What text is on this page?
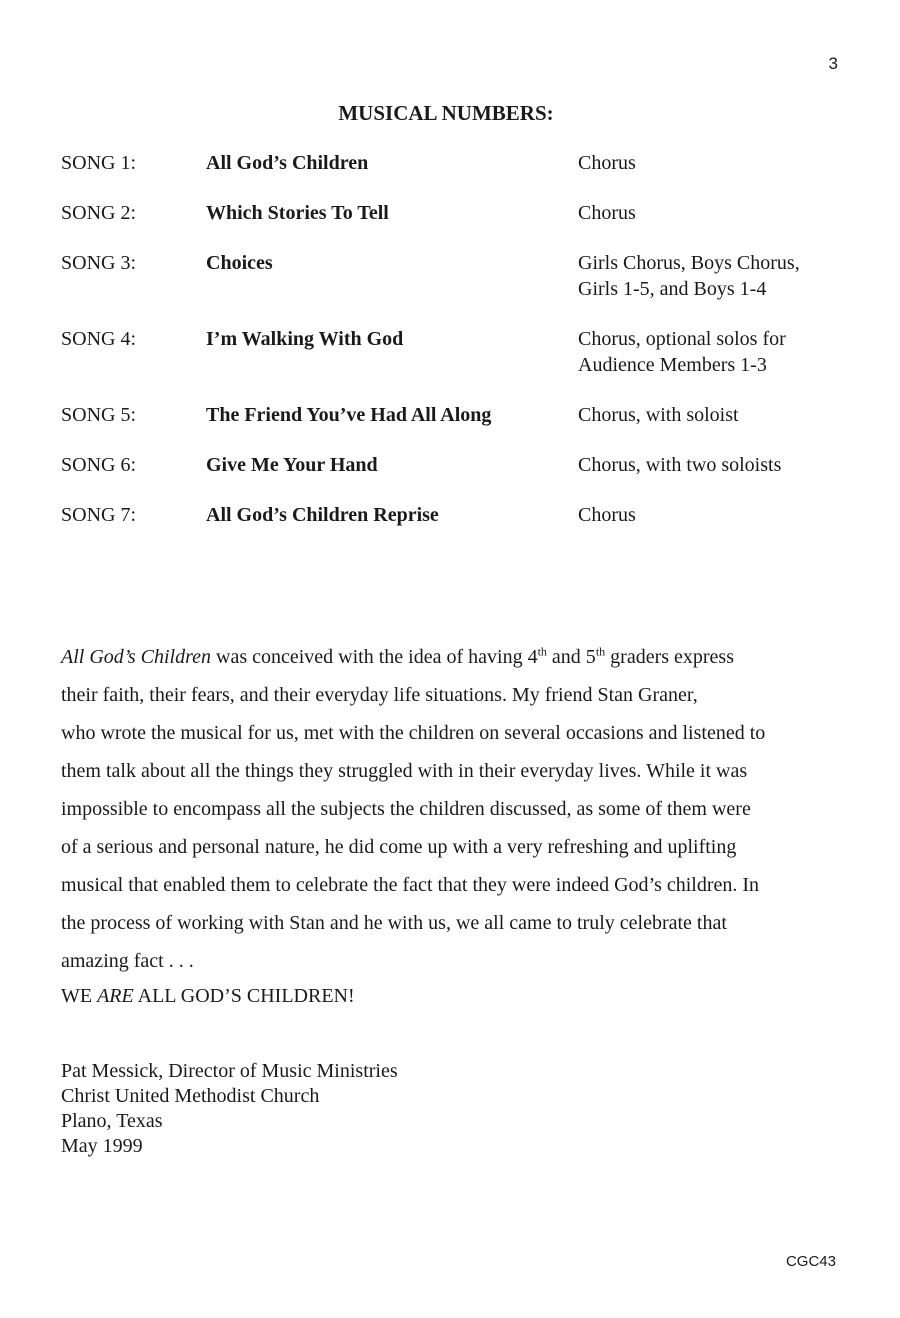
3
MUSICAL NUMBERS:
SONG 1:	All God’s Children	Chorus
SONG 2:	Which Stories To Tell	Chorus
SONG 3:	Choices	Girls Chorus, Boys Chorus,
Girls 1-5, and Boys 1-4
SONG 4:	I’m Walking With God	Chorus, optional solos for
Audience Members 1-3
SONG 5:	The Friend You’ve Had All Along	Chorus, with soloist
SONG 6:	Give Me Your Hand	Chorus, with two soloists
SONG 7:	All God’s Children Reprise	Chorus

All God’s Children was conceived with the idea of having 4th and 5th graders express

their faith, their fears, and their everyday life situations. My friend Stan Graner,

who wrote the musical for us, met with the children on several occasions and listened to

them talk about all the things they struggled with in their everyday lives. While it was

impossible to encompass all the subjects the children discussed, as some of them were

of a serious and personal nature, he did come up with a very refreshing and uplifting

musical that enabled them to celebrate the fact that they were indeed God’s children. In

the process of working with Stan and he with us, we all came to truly celebrate that

amazing fact . . .

WE ARE ALL GOD’S CHILDREN!
Pat Messick, Director of Music Ministries
Christ United Methodist Church
Plano, Texas
May 1999
CGC43
